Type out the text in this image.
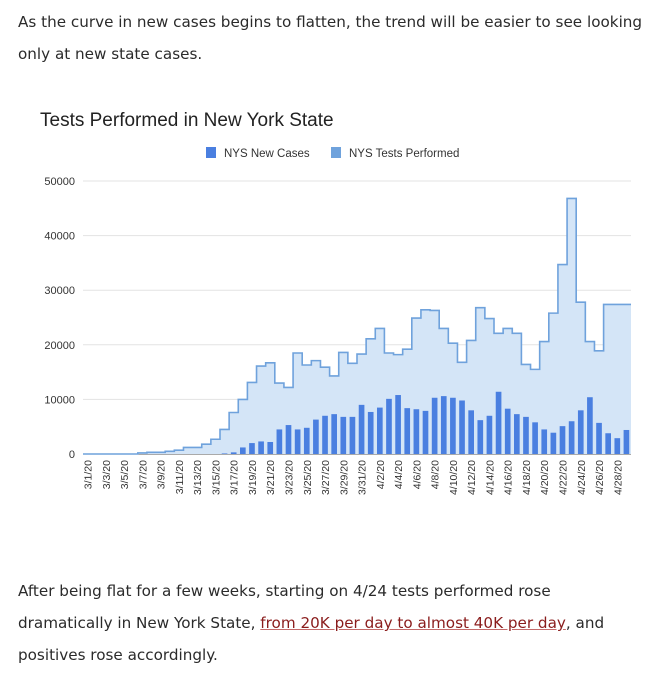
As the curve in new cases begins to flatten, the trend will be easier to see looking only at new state cases.

Tests Performed in New York State
NYS New Cases	NYS Tests Performed
0
10000
20000
30000
40000
50000
3/1/20 3/3/20 3/5/20 3/7/20 3/9/20 3/11/20 3/13/20 3/15/20 3/17/20 3/19/20 3/21/20 3/23/20 3/25/20 3/27/20 3/29/20 3/31/20 4/2/20 4/4/20 4/6/20 4/8/20 4/10/20 4/12/20 4/14/20 4/16/20 4/18/20 4/20/20 4/22/20 4/24/20 4/26/20 4/28/20

After being flat for a few weeks, starting on 4/24 tests performed rose dramatically in New York State, from 20K per day to almost 40K per day, and positives rose accordingly.
